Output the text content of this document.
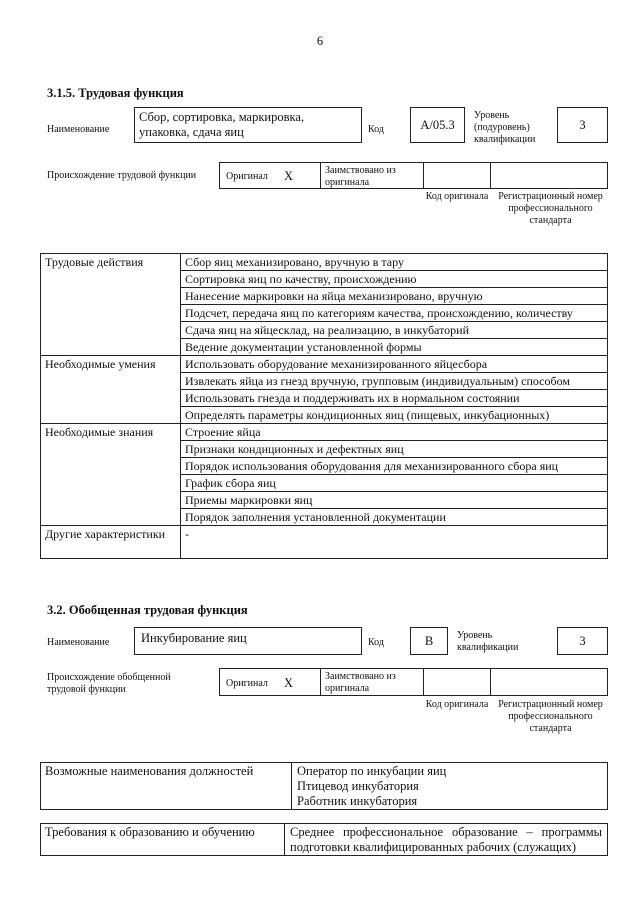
6
3.1.5. Трудовая функция
Наименование
Сбор, сортировка, маркировка, упаковка, сдача яиц	Код	A/05.3
Уровень (подуровень) квалификации
3
Происхождение трудовой функции	Оригинал X	Заимствовано из оригинала
Код оригинала Регистрационный номер профессионального стандарта
Трудовые действия	Сбор яиц механизировано, вручную в тару
	Сортировка яиц по качеству, происхождению
	Нанесение маркировки на яйца механизировано, вручную
	Подсчет, передача яиц по категориям качества, происхождению, количеству
	Сдача яиц на яйцесклад, на реализацию, в инкубаторий
	Ведение документации установленной формы
Необходимые умения	Использовать оборудование механизированного яйцесбора
	Извлекать яйца из гнезд вручную, групповым (индивидуальным) способом
	Использовать гнезда и поддерживать их в нормальном состоянии
	Определять параметры кондиционных яиц (пищевых, инкубационных)
Необходимые знания	Строение яйца
	Признаки кондиционных и дефектных яиц
	Порядок использования оборудования для механизированного сбора яиц
	График сбора яиц
	Приемы маркировки яиц
	Порядок заполнения установленной документации
Другие характеристики	-
3.2. Обобщенная трудовая функция
Наименование	Инкубирование яиц	Код	B	Уровень квалификации	3
Происхождение обобщенной трудовой функции
Оригинал X	Заимствовано из оригинала
Код оригинала Регистрационный номер профессионального стандарта
Возможные наименования должностей	Оператор по инкубации яиц
Птицевод инкубатория
Работник инкубатория
Требования к образованию и обучению	Среднее профессиональное образование – программы подготовки квалифицированных рабочих (служащих)
